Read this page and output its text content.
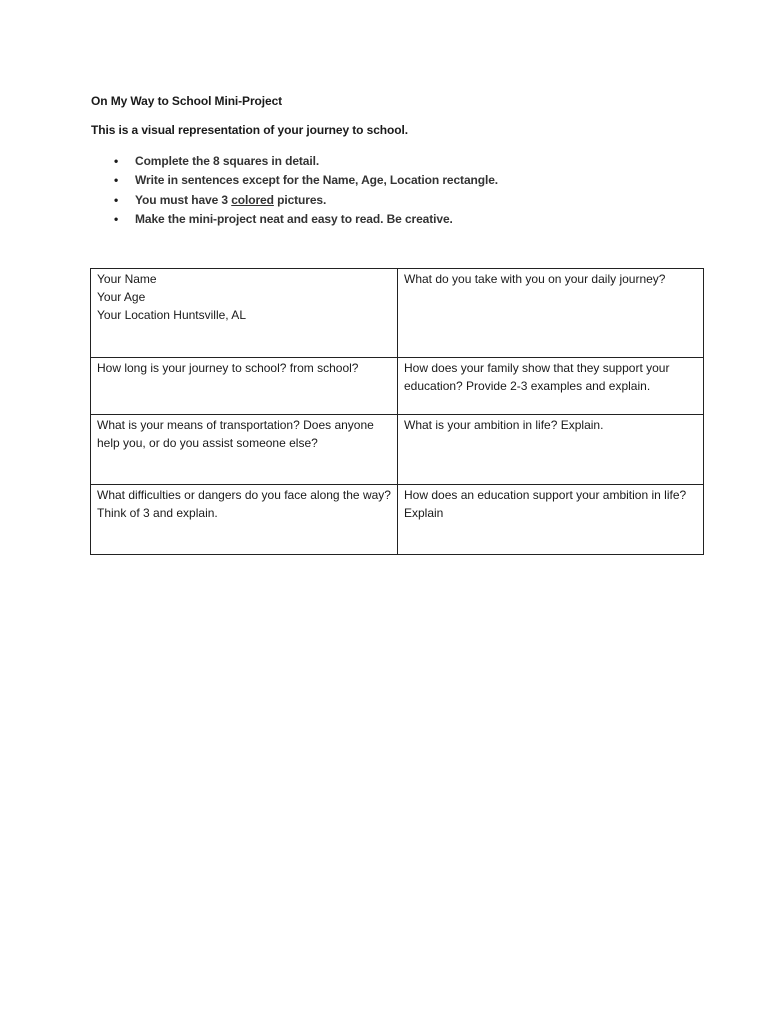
On My Way to School Mini-Project
This is a visual representation of your journey to school.
• Complete the 8 squares in detail.
• Write in sentences except for the Name, Age, Location rectangle.
• You must have 3 colored pictures.
• Make the mini-project neat and easy to read. Be creative.
Your Name
Your Age
Your Location Huntsville, AL	What do you take with you on your daily journey?
How long is your journey to school? from school?	How does your family show that they support your education? Provide 2-3 examples and explain.
What is your means of transportation? Does anyone help you, or do you assist someone else?	What is your ambition in life? Explain.
What difficulties or dangers do you face along the way? Think of 3 and explain.	How does an education support your ambition in life? Explain
